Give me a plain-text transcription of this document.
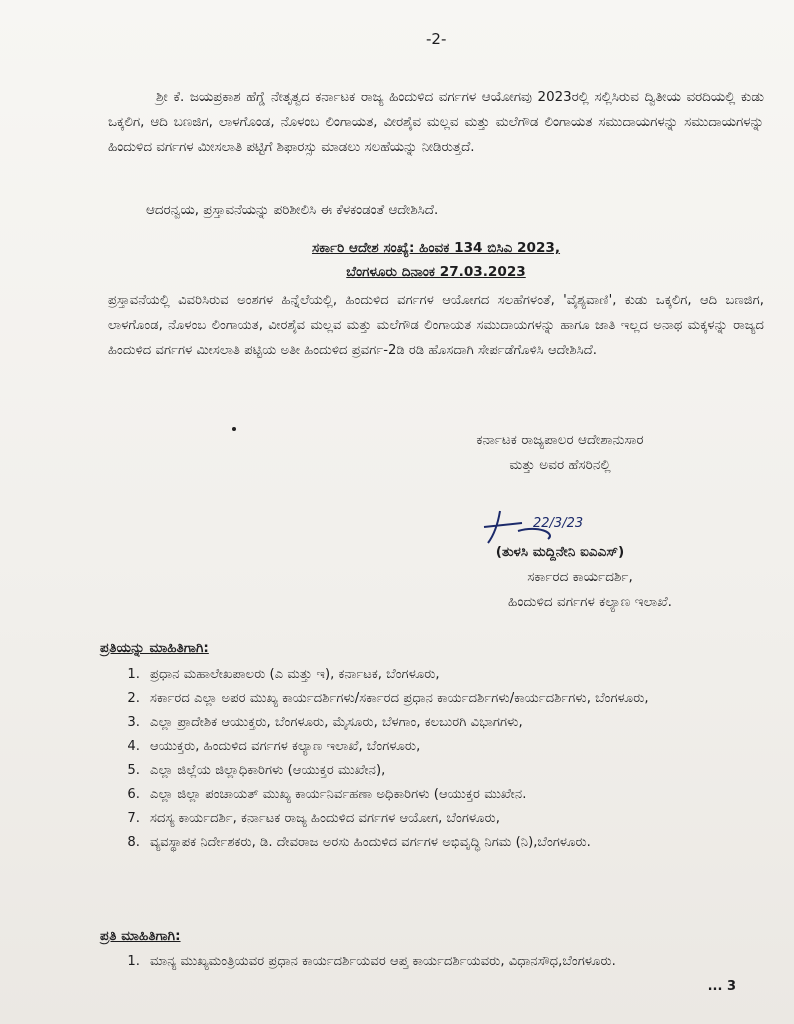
-2-
ಶ್ರೀ ಕೆ. ಜಯಪ್ರಕಾಶ ಹೆಗ್ಡೆ ನೇತೃತ್ವದ ಕರ್ನಾಟಕ ರಾಜ್ಯ ಹಿಂದುಳಿದ ವರ್ಗಗಳ ಆಯೋಗವು 2023ರಲ್ಲಿ ಸಲ್ಲಿಸಿರುವ ದ್ವಿತೀಯ ವರದಿಯಲ್ಲಿ ಕುಡು ಒಕ್ಕಲಿಗ, ಆದಿ ಬಣಜಿಗ, ಲಾಳಗೊಂಡ, ನೊಳಂಬ ಲಿಂಗಾಯತ, ವೀರಶೈವ ಮಲ್ಲವ ಮತ್ತು ಮಲೆಗೌಡ ಲಿಂಗಾಯತ ಸಮುದಾಯಗಳನ್ನು ಸಮುದಾಯಗಳನ್ನು ಹಿಂದುಳಿದ ವರ್ಗಗಳ ಮೀಸಲಾತಿ ಪಟ್ಟಿಗೆ ಶಿಫಾರಸ್ಸು ಮಾಡಲು ಸಲಹೆಯನ್ನು ನೀಡಿರುತ್ತದೆ.
ಆದರನ್ವಯ, ಪ್ರಸ್ತಾವನೆಯನ್ನು ಪರಿಶೀಲಿಸಿ ಈ ಕೆಳಕಂಡಂತೆ ಆದೇಶಿಸಿದೆ.
ಸರ್ಕಾರಿ ಆದೇಶ ಸಂಖ್ಯೆ: ಹಿಂವಕ 134 ಬಿಸಿಎ 2023,
ಬೆಂಗಳೂರು ದಿನಾಂಕ 27.03.2023
ಪ್ರಸ್ತಾವನೆಯಲ್ಲಿ ವಿವರಿಸಿರುವ ಅಂಶಗಳ ಹಿನ್ನೆಲೆಯಲ್ಲಿ, ಹಿಂದುಳಿದ ವರ್ಗಗಳ ಆಯೋಗದ ಸಲಹೆಗಳಂತೆ, 'ವೈಶ್ಯವಾಣಿ', ಕುಡು ಒಕ್ಕಲಿಗ, ಆದಿ ಬಣಜಿಗ, ಲಾಳಗೊಂಡ, ನೊಳಂಬ ಲಿಂಗಾಯತ, ವೀರಶೈವ ಮಲ್ಲವ ಮತ್ತು ಮಲೆಗೌಡ ಲಿಂಗಾಯತ ಸಮುದಾಯಗಳನ್ನು ಹಾಗೂ ಜಾತಿ ಇಲ್ಲದ ಅನಾಥ ಮಕ್ಕಳನ್ನು ರಾಜ್ಯದ ಹಿಂದುಳಿದ ವರ್ಗಗಳ ಮೀಸಲಾತಿ ಪಟ್ಟಿಯ ಅತೀ ಹಿಂದುಳಿದ ಪ್ರವರ್ಗ-2ಡಿ ರಡಿ ಹೊಸದಾಗಿ ಸೇರ್ಪಡೆಗೊಳಿಸಿ ಆದೇಶಿಸಿದೆ.
ಕರ್ನಾಟಕ ರಾಜ್ಯಪಾಲರ ಆದೇಶಾನುಸಾರ
ಮತ್ತು ಅವರ ಹೆಸರಿನಲ್ಲಿ
22/3/23
(ತುಳಸಿ ಮದ್ದಿನೇನಿ ಐಎಎಸ್)
ಸರ್ಕಾರದ ಕಾರ್ಯದರ್ಶಿ,
ಹಿಂದುಳಿದ ವರ್ಗಗಳ ಕಲ್ಯಾಣ ಇಲಾಖೆ.
ಪ್ರತಿಯನ್ನು ಮಾಹಿತಿಗಾಗಿ:
1. ಪ್ರಧಾನ ಮಹಾಲೇಖಪಾಲರು (ಎ ಮತ್ತು ಇ), ಕರ್ನಾಟಕ, ಬೆಂಗಳೂರು,
2. ಸರ್ಕಾರದ ಎಲ್ಲಾ ಅಪರ ಮುಖ್ಯ ಕಾರ್ಯದರ್ಶಿಗಳು/ಸರ್ಕಾರದ ಪ್ರಧಾನ ಕಾರ್ಯದರ್ಶಿಗಳು/ಕಾರ್ಯದರ್ಶಿಗಳು, ಬೆಂಗಳೂರು,
3. ಎಲ್ಲಾ ಪ್ರಾದೇಶಿಕ ಆಯುಕ್ತರು, ಬೆಂಗಳೂರು, ಮೈಸೂರು, ಬೆಳಗಾಂ, ಕಲಬುರಗಿ ವಿಭಾಗಗಳು,
4. ಆಯುಕ್ತರು, ಹಿಂದುಳಿದ ವರ್ಗಗಳ ಕಲ್ಯಾಣ ಇಲಾಖೆ, ಬೆಂಗಳೂರು,
5. ಎಲ್ಲಾ ಜಿಲ್ಲೆಯ ಜಿಲ್ಲಾಧಿಕಾರಿಗಳು (ಆಯುಕ್ತರ ಮುಖೇನ),
6. ಎಲ್ಲಾ ಜಿಲ್ಲಾ ಪಂಚಾಯತ್ ಮುಖ್ಯ ಕಾರ್ಯನಿರ್ವಹಣಾ ಅಧಿಕಾರಿಗಳು (ಆಯುಕ್ತರ ಮುಖೇನ.
7. ಸದಸ್ಯ ಕಾರ್ಯದರ್ಶಿ, ಕರ್ನಾಟಕ ರಾಜ್ಯ ಹಿಂದುಳಿದ ವರ್ಗಗಳ ಆಯೋಗ, ಬೆಂಗಳೂರು,
8. ವ್ಯವಸ್ಥಾಪಕ ನಿರ್ದೇಶಕರು, ಡಿ. ದೇವರಾಜ ಅರಸು ಹಿಂದುಳಿದ ವರ್ಗಗಳ ಅಭಿವೃದ್ಧಿ ನಿಗಮ (ನಿ),ಬೆಂಗಳೂರು.
ಪ್ರತಿ ಮಾಹಿತಿಗಾಗಿ:
1. ಮಾನ್ಯ ಮುಖ್ಯಮಂತ್ರಿಯವರ ಪ್ರಧಾನ ಕಾರ್ಯದರ್ಶಿಯವರ ಆಪ್ತ ಕಾರ್ಯದರ್ಶಿಯವರು, ವಿಧಾನಸೌಧ,ಬೆಂಗಳೂರು.
... 3
